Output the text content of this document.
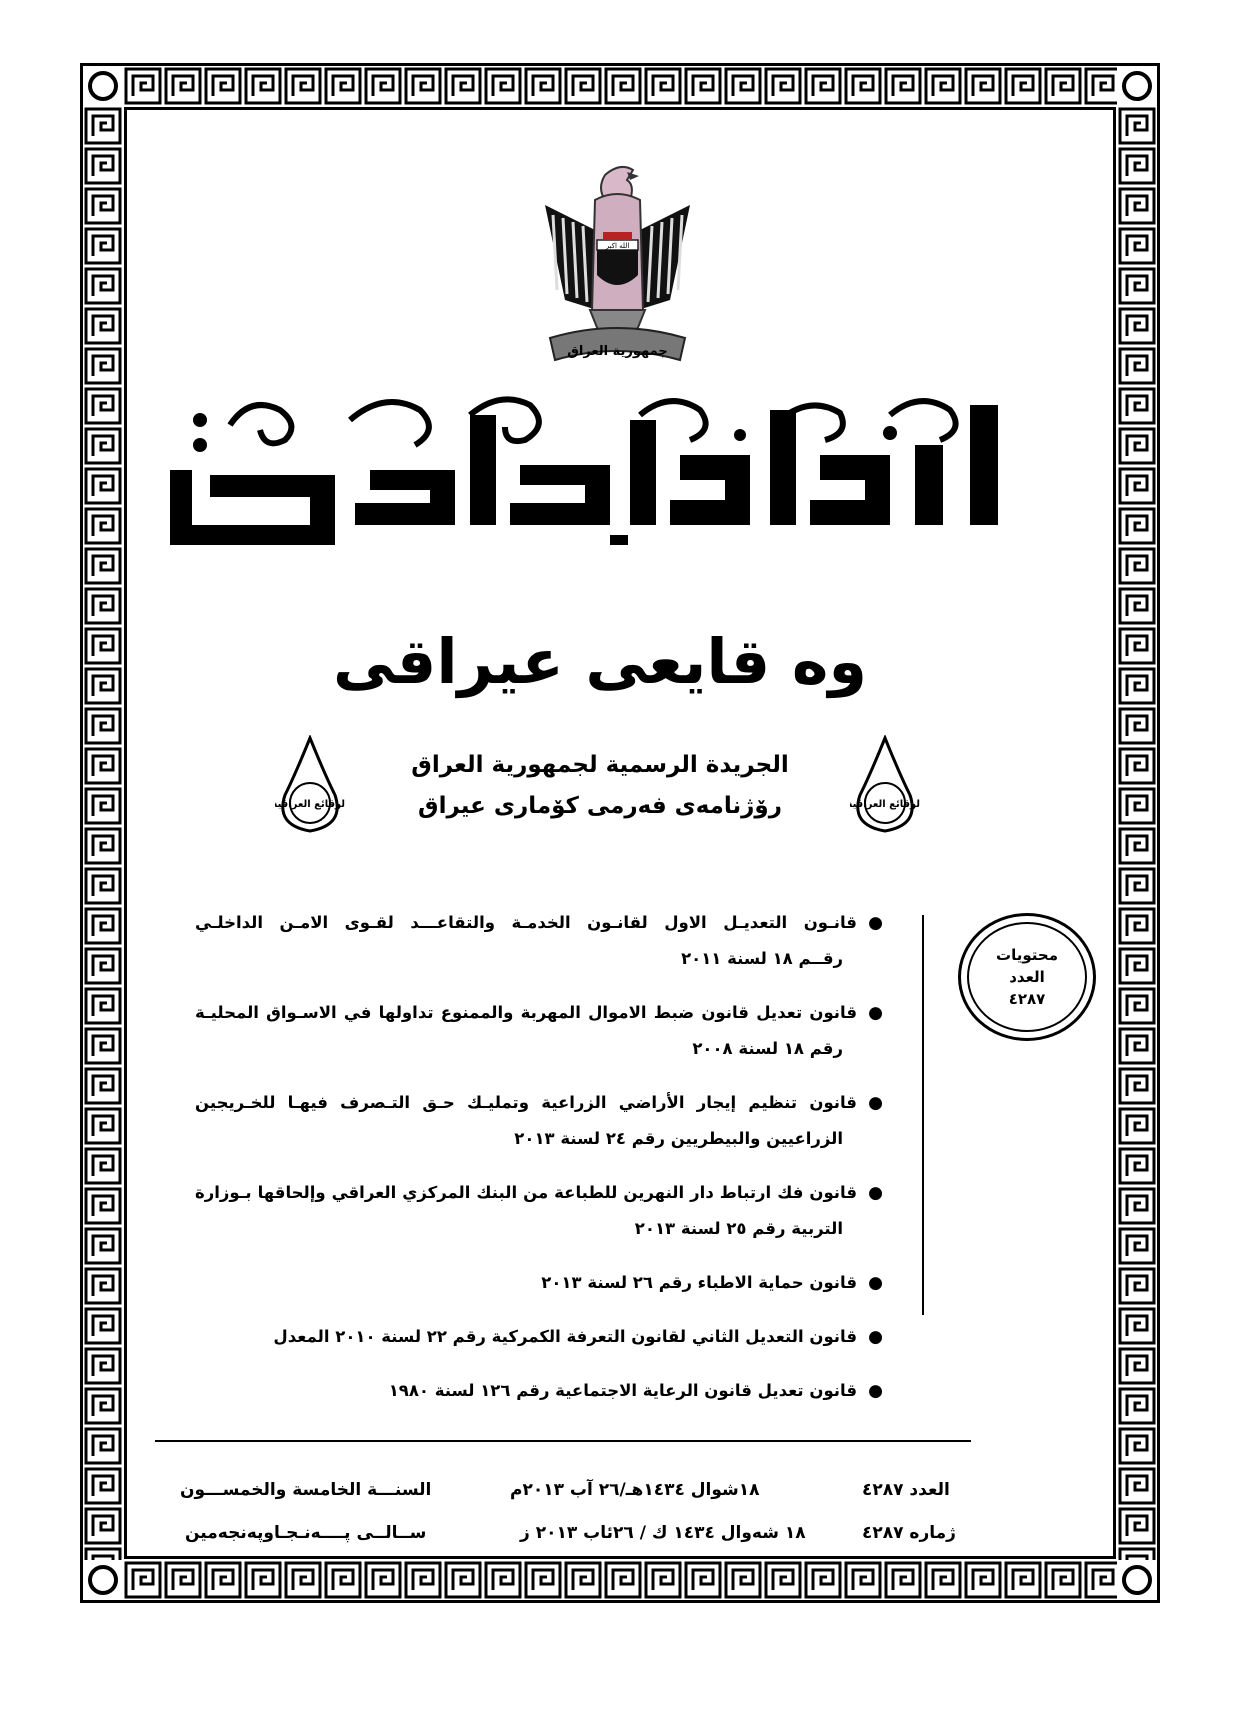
الله اكبر
جمهورية العراق
وه قايعى عيراقى
الوقائع العراقية
الوقائع العراقية
الجريدة الرسمية لجمهورية العراق
رۆژنامەی فەرمی کۆماری عیراق
محتويات
العدد
٤٢٨٧
●
قانـون التعديـل الاول لقانـون الخدمـة والتقاعـــد لقـوى الامـن الداخلـي
رقــم ١٨ لسنة ٢٠١١
●
قانون تعديل قانون ضبط الاموال المهربة والممنوع تداولها في الاسـواق المحليـة
رقم ١٨ لسنة ٢٠٠٨
●
قانون تنظيم إيجار الأراضي الزراعية وتمليـك حـق التـصرف فيهـا للخـريجين
الزراعيين والبيطريين رقم ٢٤ لسنة ٢٠١٣
●
قانون فك ارتباط دار النهرين للطباعة من البنك المركزي العراقي وإلحاقها بـوزارة
التربية رقم ٢٥ لسنة ٢٠١٣
●
قانون حماية الاطباء رقم ٢٦ لسنة ٢٠١٣
●
قانون التعديل الثاني لقانون التعرفة الكمركية رقم ٢٢ لسنة ٢٠١٠ المعدل
●
قانون تعديل قانون الرعاية الاجتماعية رقم ١٢٦ لسنة ١٩٨٠
العدد ٤٢٨٧
ژماره ٤٢٨٧
١٨شوال ١٤٣٤هـ/٢٦ آب ٢٠١٣م
١٨ شەوال ١٤٣٤ ك / ٢٦ئاب ٢٠١٣ ز
السنـــة الخامسة والخمســـون
ســالــى پــــەنـجـاوپەنجەمين
